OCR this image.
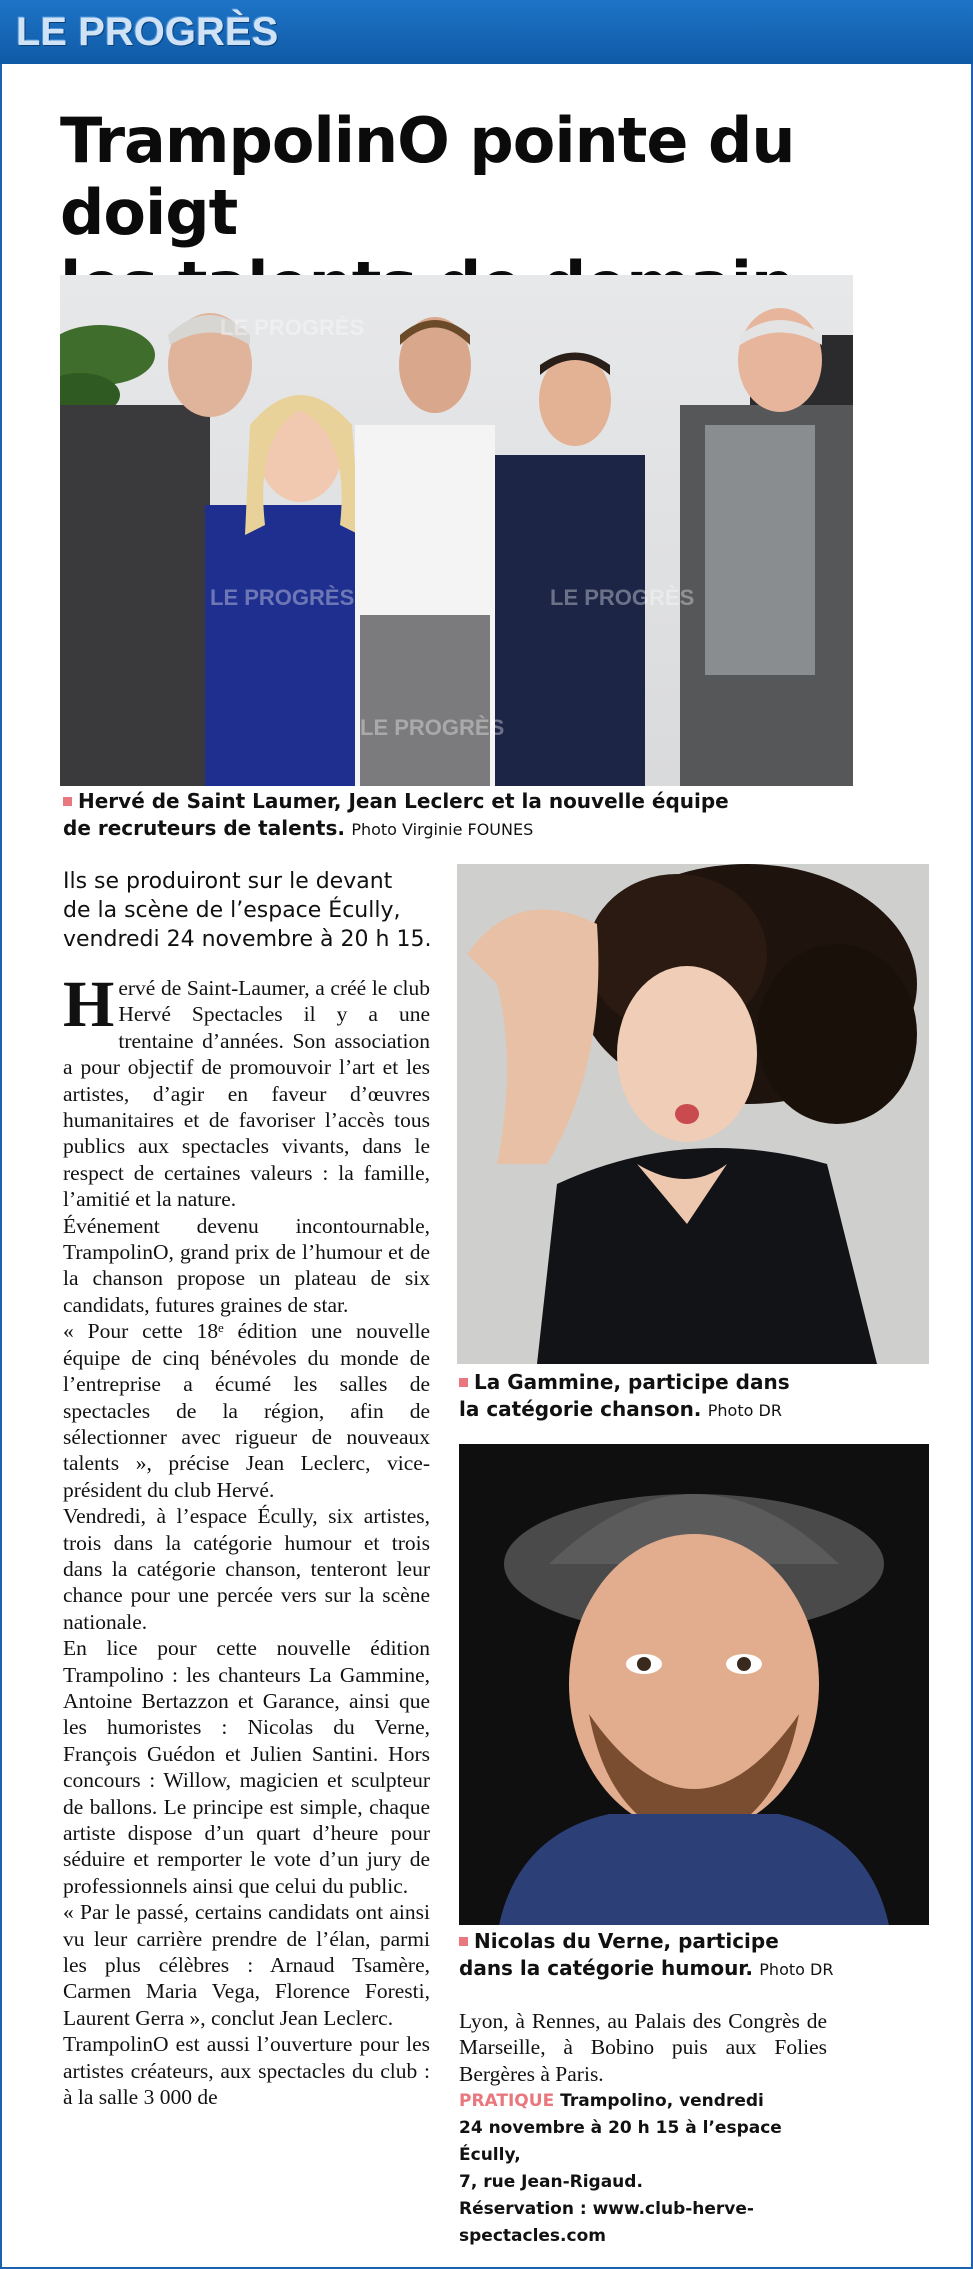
LE PROGRÈS
TrampolinO pointe du doigt
LE PROGRÈS
LE PROGRÈS	LE PROGRÈS
LE PROGRÈS
Hervé de Saint Laumer, Jean Leclerc et la nouvelle équipe
de recruteurs de talents. Photo Virginie FOUNES
Ils se produiront sur le devant
de la scène de l’espace Écully,
vendredi 24 novembre à 20 h 15.

Hervé de Saint-Laumer, a créé le club Hervé Spectacles il y a une trentaine d’années. Son association a pour objectif de promouvoir l’art et les artistes, d’agir en faveur d’œuvres humanitaires et de favoriser l’accès tous publics aux spectacles vivants, dans le respect de certaines valeurs : la famille, l’amitié et la nature.

Événement devenu incontournable, TrampolinO, grand prix de l’humour et de la chanson propose un plateau de six candidats, futures graines de star.

« Pour cette 18ᵉ édition une nouvelle équipe de cinq bénévoles du monde de l’entreprise a écumé les salles de spectacles de la région, afin de sélectionner avec rigueur de nouveaux talents », précise Jean Leclerc, vice-président du club Hervé.

Vendredi, à l’espace Écully, six artistes, trois dans la catégorie humour et trois dans la catégorie chanson, tenteront leur chance pour une percée vers sur la scène nationale.

En lice pour cette nouvelle édition Trampolino : les chanteurs La Gammine, Antoine Bertazzon et Garance, ainsi que les humoristes : Nicolas du Verne, François Guédon et Julien Santini. Hors concours : Willow, magicien et sculpteur de ballons. Le principe est simple, chaque artiste dispose d’un quart d’heure pour séduire et remporter le vote d’un jury de professionnels ainsi que celui du public.

« Par le passé, certains candidats ont ainsi vu leur carrière prendre de l’élan, parmi les plus célèbres : Arnaud Tsamère, Carmen Maria Vega, Florence Foresti, Laurent Gerra », conclut Jean Leclerc.

TrampolinO est aussi l’ouverture pour les artistes créateurs, aux spectacles du club : à la salle 3 000 de

La Gammine, participe dans
la catégorie chanson. Photo DR
Nicolas du Verne, participe
dans la catégorie humour. Photo DR
Lyon, à Rennes, au Palais des Congrès de Marseille, à Bobino puis aux Folies Bergères à Paris.
PRATIQUE Trampolino, vendredi
24 novembre à 20 h 15 à l’espace Écully,
7, rue Jean-Rigaud.
Réservation : www.club-herve-
spectacles.com
